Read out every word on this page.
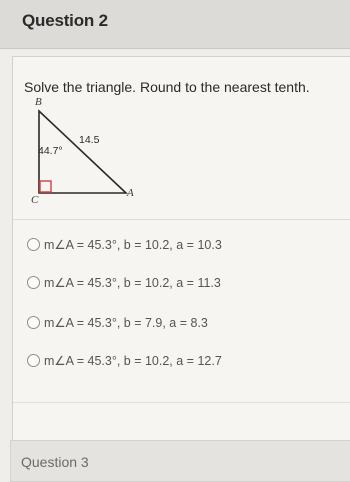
Question 2
Solve the triangle. Round to the nearest tenth.
B
C
A
44.7°
14.5
m∠A = 45.3°, b = 10.2, a = 10.3
m∠A = 45.3°, b = 10.2, a = 11.3
m∠A = 45.3°, b = 7.9, a = 8.3
m∠A = 45.3°, b = 10.2, a = 12.7
Question 3
